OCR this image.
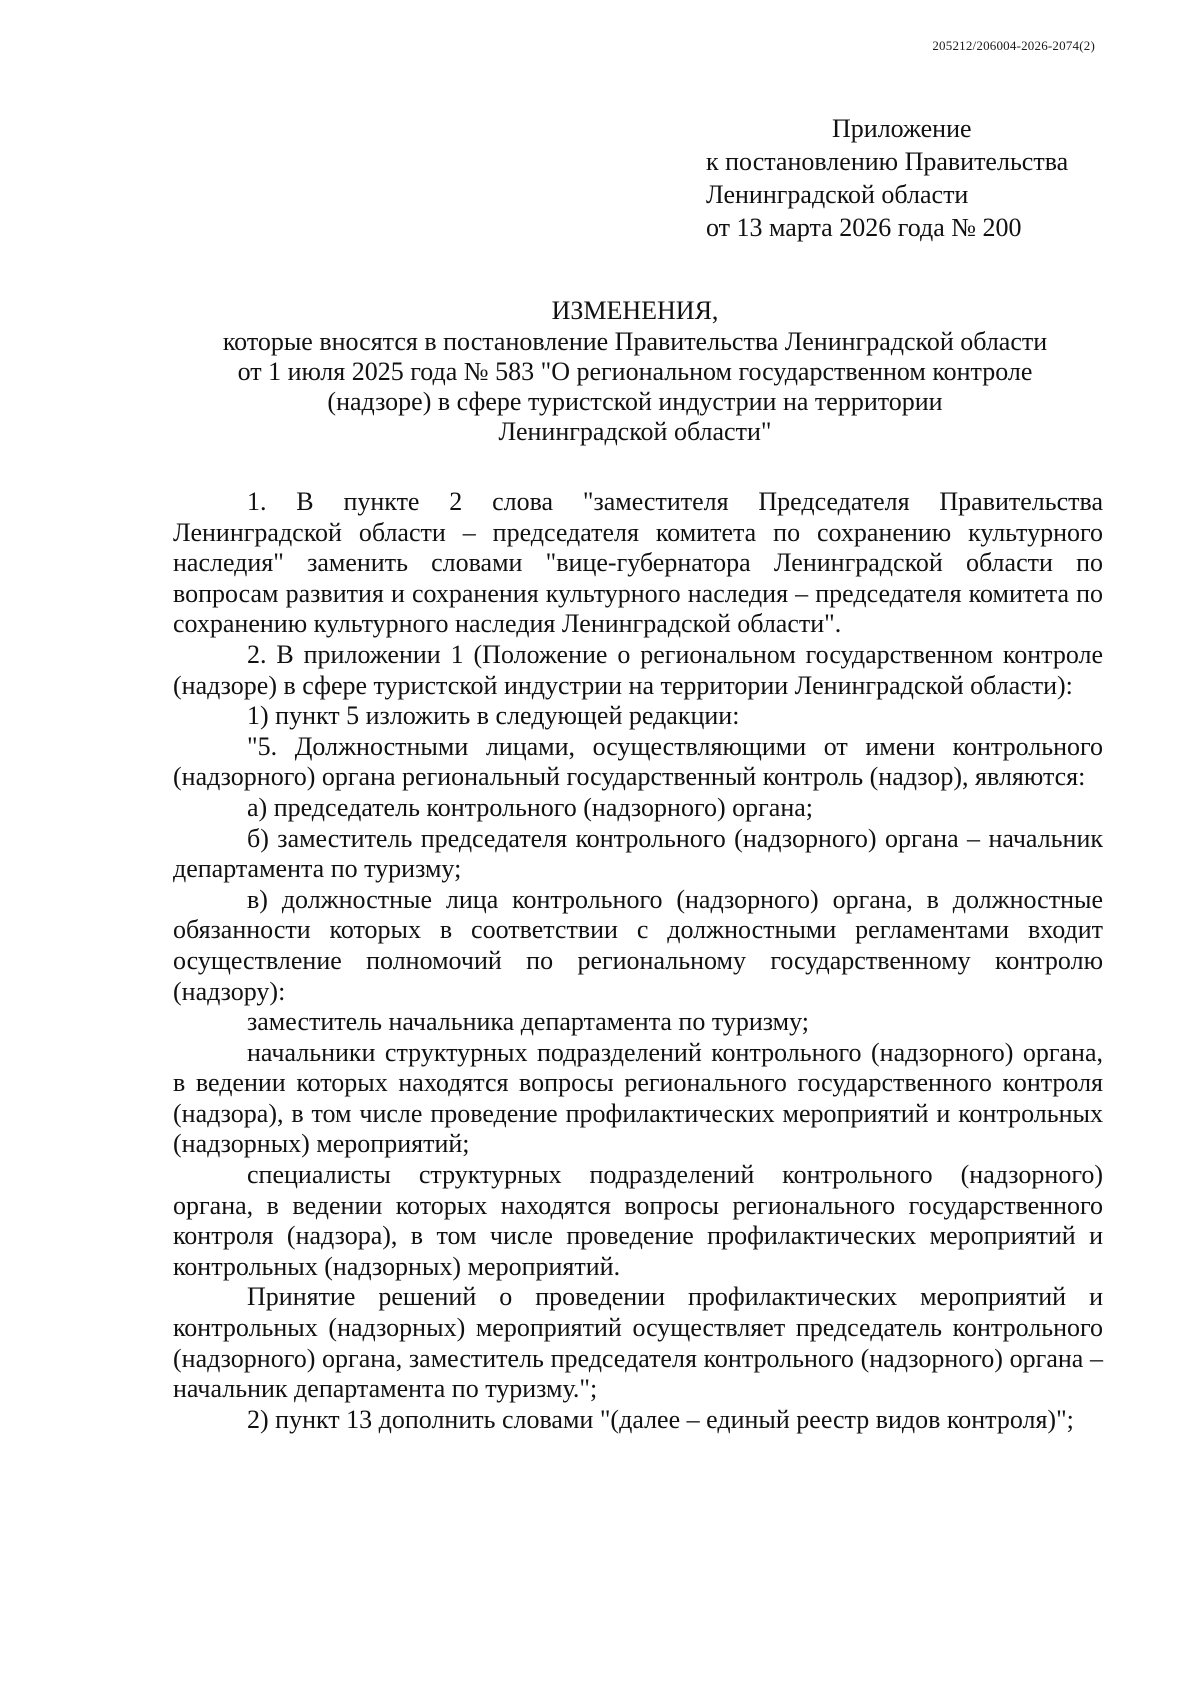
205212/206004-2026-2074(2)
Приложение
к постановлению Правительства
Ленинградской области
от 13 марта 2026 года № 200
ИЗМЕНЕНИЯ,
которые вносятся в постановление Правительства Ленинградской области
от 1 июля 2025 года № 583 "О региональном государственном контроле
(надзоре) в сфере туристской индустрии на территории
Ленинградской области"

1. В пункте 2 слова "заместителя Председателя Правительства Ленинградской области – председателя комитета по сохранению культурного наследия" заменить словами "вице-губернатора Ленинградской области по вопросам развития и сохранения культурного наследия – председателя комитета по сохранению культурного наследия Ленинградской области".

2. В приложении 1 (Положение о региональном государственном контроле (надзоре) в сфере туристской индустрии на территории Ленинградской области):

1) пункт 5 изложить в следующей редакции:

"5. Должностными лицами, осуществляющими от имени контрольного (надзорного) органа региональный государственный контроль (надзор), являются:

а) председатель контрольного (надзорного) органа;

б) заместитель председателя контрольного (надзорного) органа – начальник департамента по туризму;

в) должностные лица контрольного (надзорного) органа, в должностные обязанности которых в соответствии с должностными регламентами входит осуществление полномочий по региональному государственному контролю (надзору):

заместитель начальника департамента по туризму;

начальники структурных подразделений контрольного (надзорного) органа, в ведении которых находятся вопросы регионального государственного контроля (надзора), в том числе проведение профилактических мероприятий и контрольных (надзорных) мероприятий;

специалисты структурных подразделений контрольного (надзорного) органа, в ведении которых находятся вопросы регионального государственного контроля (надзора), в том числе проведение профилактических мероприятий и контрольных (надзорных) мероприятий.

Принятие решений о проведении профилактических мероприятий и контрольных (надзорных) мероприятий осуществляет председатель контрольного (надзорного) органа, заместитель председателя контрольного (надзорного) органа – начальник департамента по туризму.";

2) пункт 13 дополнить словами "(далее – единый реестр видов контроля)";
